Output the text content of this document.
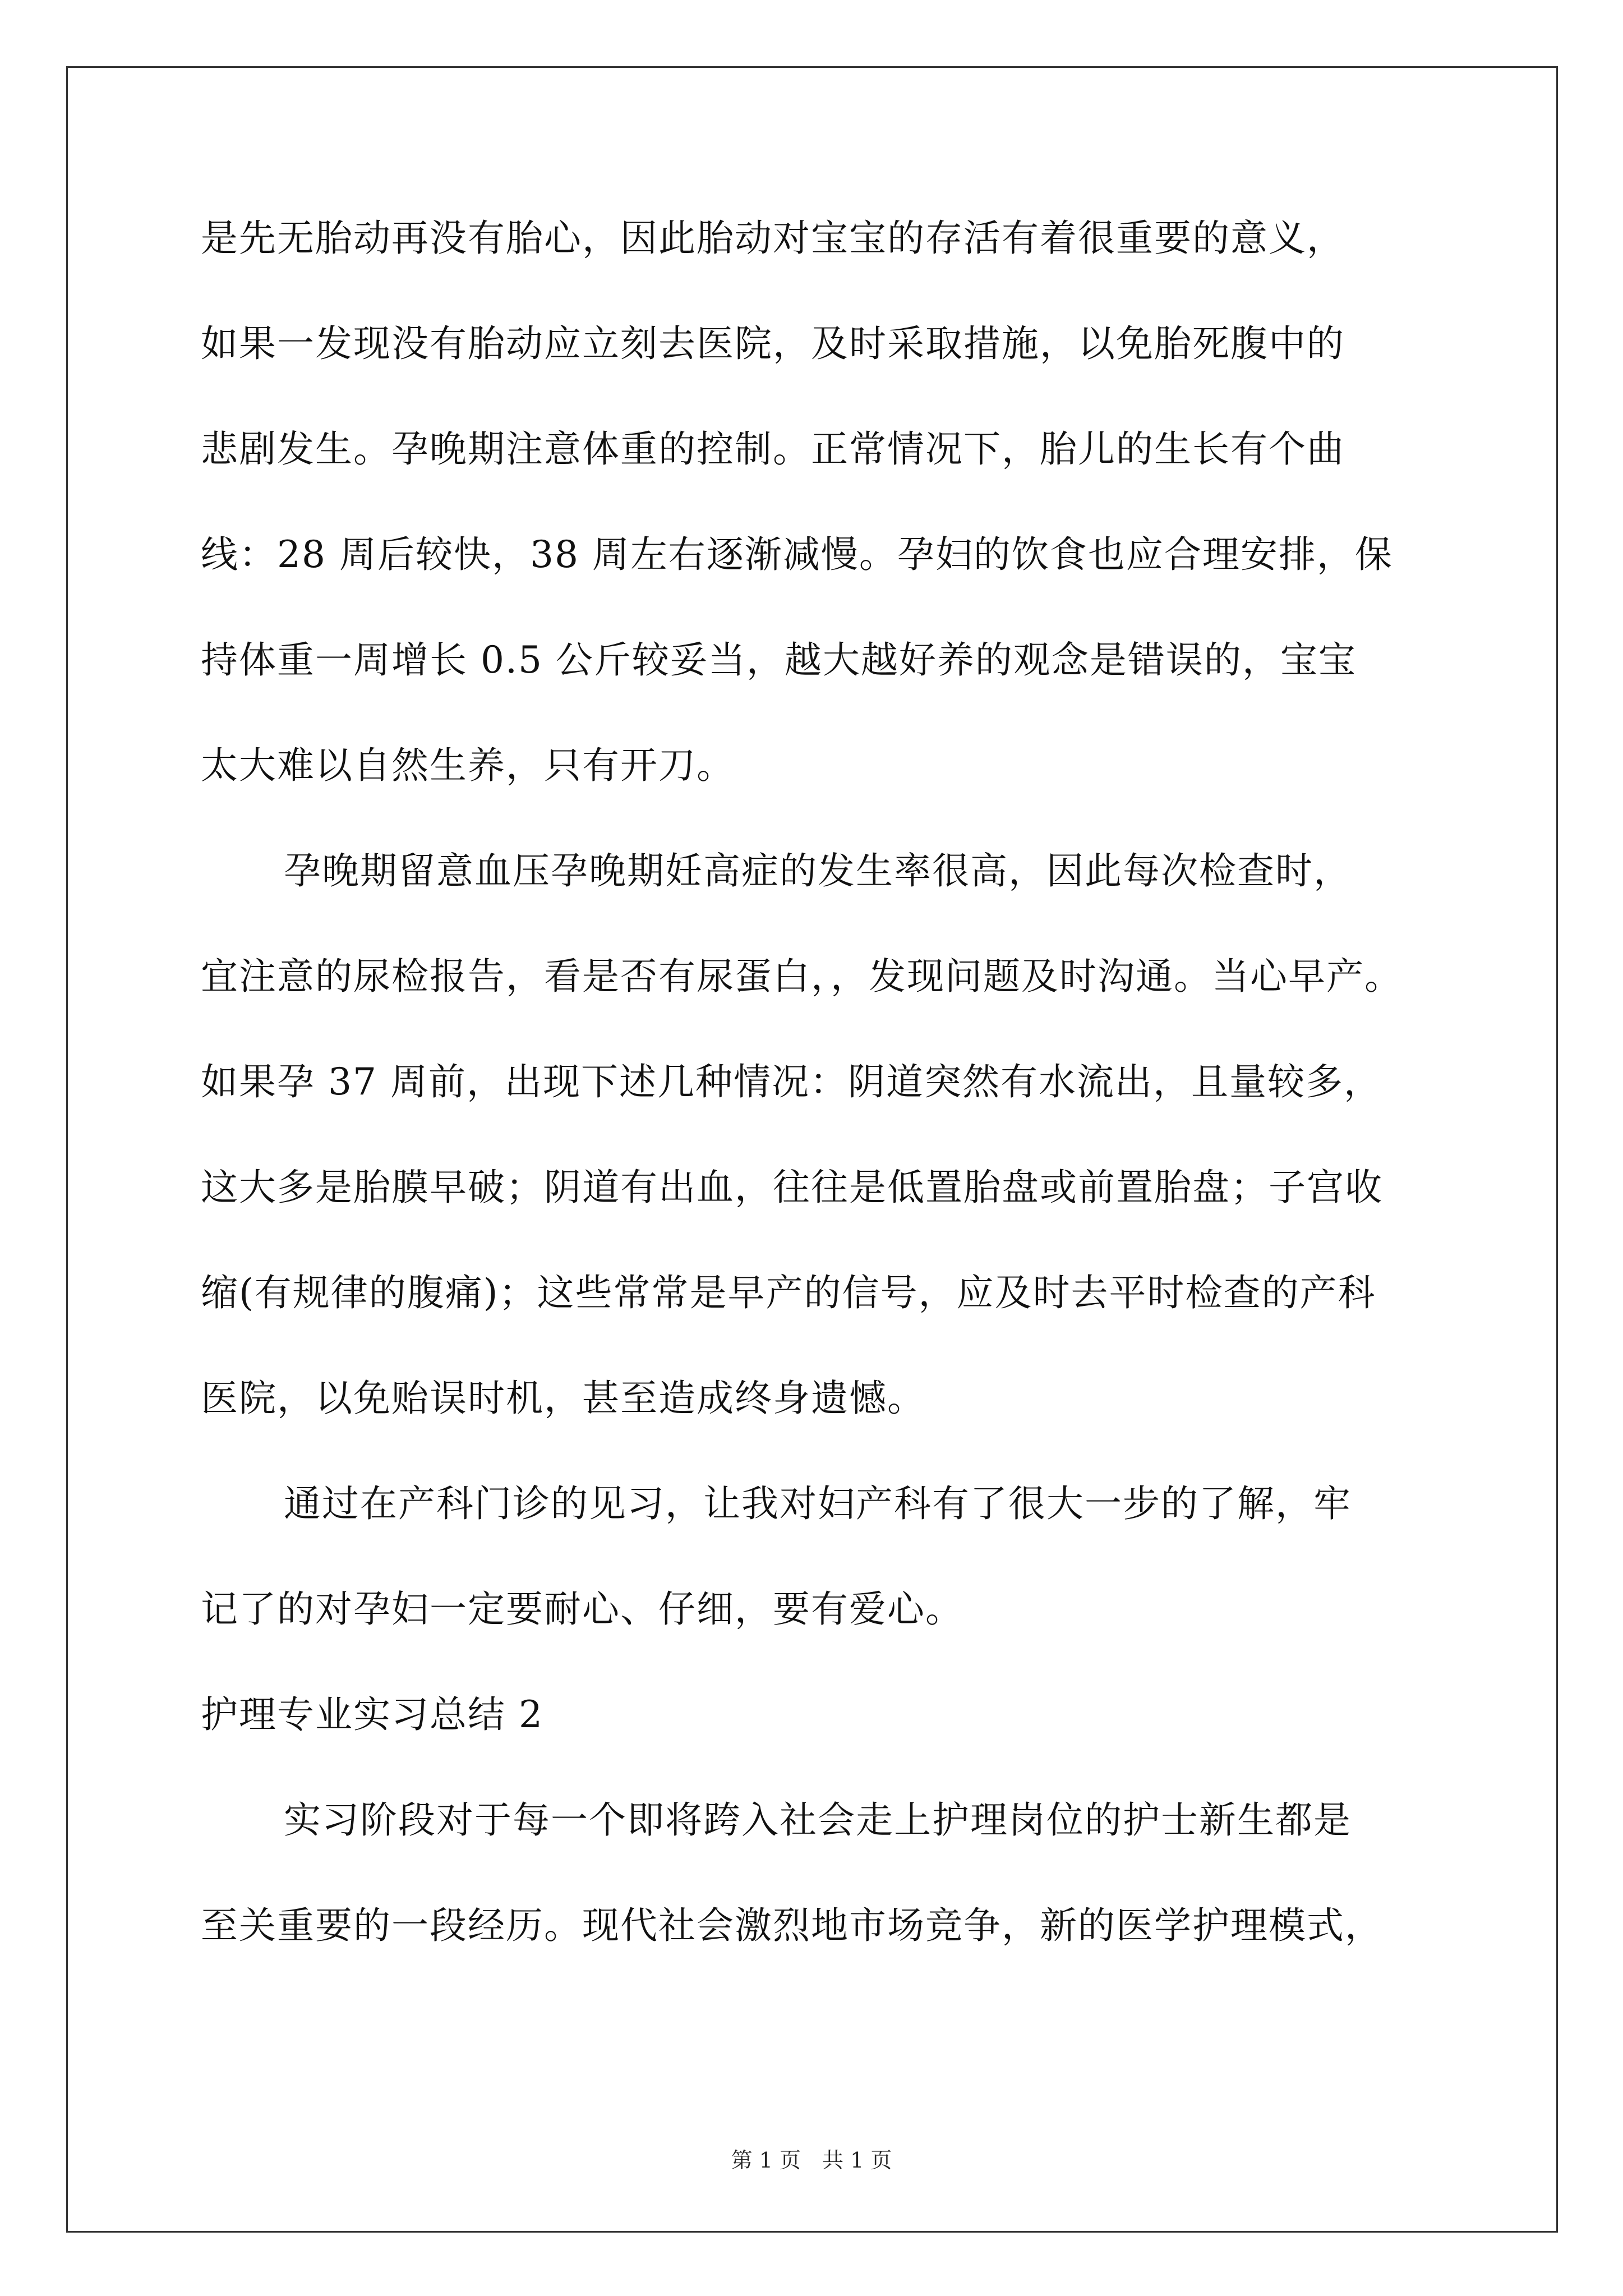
是先无胎动再没有胎心，因此胎动对宝宝的存活有着很重要的意义，
如果一发现没有胎动应立刻去医院，及时采取措施，以免胎死腹中的
悲剧发生。孕晚期注意体重的控制。正常情况下，胎儿的生长有个曲
线：28 周后较快，38 周左右逐渐减慢。孕妇的饮食也应合理安排，保
持体重一周增长 0.5 公斤较妥当，越大越好养的观念是错误的，宝宝
太大难以自然生养，只有开刀。
孕晚期留意血压孕晚期妊高症的发生率很高，因此每次检查时，
宜注意的尿检报告，看是否有尿蛋白，，发现问题及时沟通。当心早产。
如果孕 37 周前，出现下述几种情况：阴道突然有水流出，且量较多，
这大多是胎膜早破；阴道有出血，往往是低置胎盘或前置胎盘；子宫收
缩(有规律的腹痛)；这些常常是早产的信号，应及时去平时检查的产科
医院，以免贻误时机，甚至造成终身遗憾。
通过在产科门诊的见习，让我对妇产科有了很大一步的了解，牢
记了的对孕妇一定要耐心、仔细，要有爱心。
护理专业实习总结 2
实习阶段对于每一个即将跨入社会走上护理岗位的护士新生都是
至关重要的一段经历。现代社会激烈地市场竞争，新的医学护理模式，
第 1 页　共 1 页
